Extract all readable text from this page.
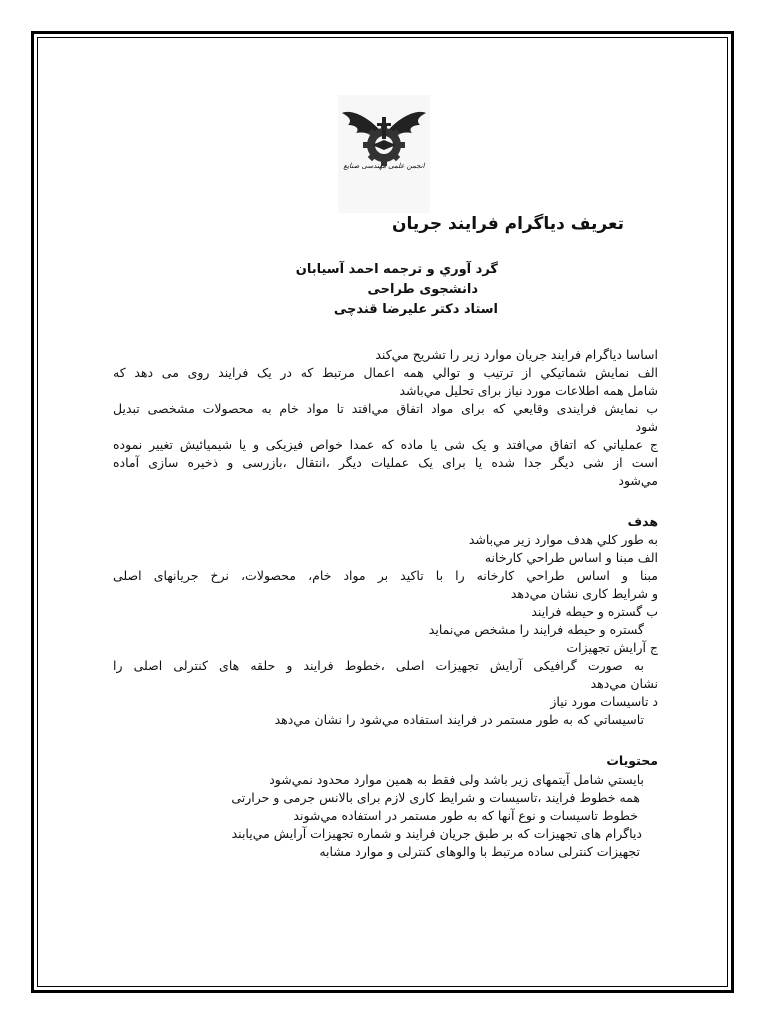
انجمن علمی مهندسی صنایع
تعريف دياگرام فرايند جريان
گرد آوري و ترجمه احمد آسيابان
دانشجوی طراحی
استاد دكتر عليرضا قندچی
اساسا دياگرام فرايند جريان موارد زير را تشريح مي‌كند
الف نمايش شماتيكي از ترتيب و توالي همه اعمال مرتبط كه در يک فرايند روی می دهد كه
شامل همه اطلاعات مورد نياز برای تحليل مي‌باشد
ب نمايش فرايندی وقايعي كه برای مواد اتفاق مي‌افتد تا مواد خام به محصولات مشخصی تبديل
شود
ج عملياتي كه اتفاق مي‌افتد و يک شی يا ماده كه عمدا خواص فيزيكی و يا شيميائيش تغيير نموده
است از شی ديگر جدا شده يا برای يک عمليات ديگر ،انتقال ،بازرسی و ذخيره سازی آماده
مي‌شود
هدف
به طور كلي هدف موارد زير مي‌باشد
الف مبنا و اساس طراحي كارخانه
مبنا و اساس طراحي كارخانه را با تاكيد بر مواد خام، محصولات، نرخ جريانهای اصلی
و شرايط كاری نشان مي‌دهد
ب گستره و حيطه فرايند
گستره و حيطه فرايند را مشخص مي‌نمايد
ج آرايش تجهيزات
به صورت گرافيكی آرايش تجهيزات اصلی ،خطوط فرايند و حلقه های كنترلی اصلی را
نشان مي‌دهد
د تاسيسات مورد نياز
تاسيساتي كه به طور مستمر در فرايند استفاده مي‌شود را نشان مي‌دهد
محتويات
بايستي شامل آيتمهای زير باشد ولی فقط به همين موارد محدود نمي‌شود
همه خطوط فرايند ،تاسيسات و شرايط كاری لازم برای بالانس جرمی و حرارتی
خطوط تاسيسات و نوع آنها كه به طور مستمر در استفاده مي‌شوند
دياگرام های تجهيزات كه بر طبق جريان فرايند و شماره تجهيزات آرايش مي‌يابند
تجهيزات كنترلی ساده مرتبط با والوهای كنترلی و موارد مشابه
